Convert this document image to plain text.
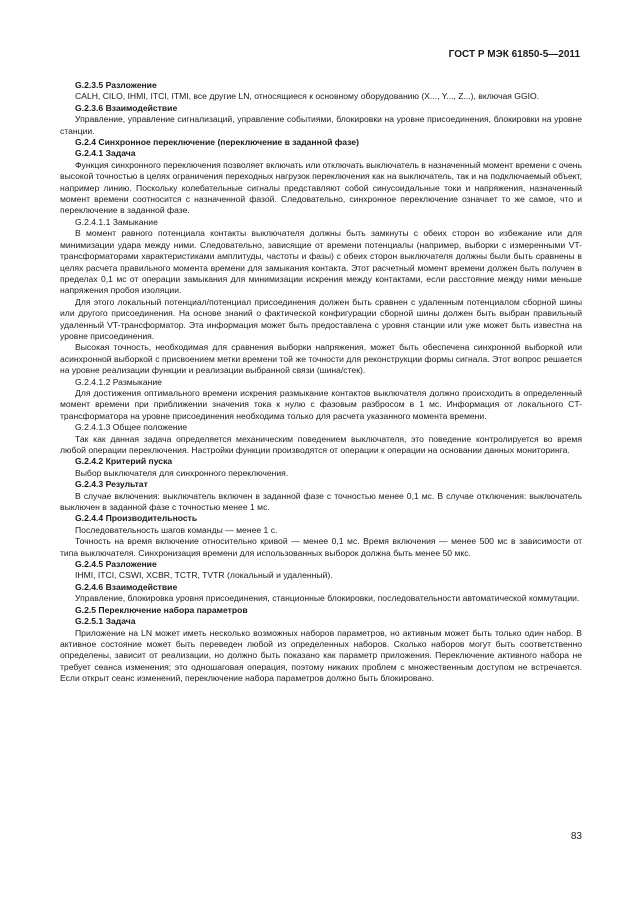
ГОСТ Р МЭК 61850-5—2011

G.2.3.5 Разложение

CALH, CILO, IHMI, ITCI, ITMI, все другие LN, относящиеся к основному оборудованию (X..., Y..., Z...), включая GGIO.

G.2.3.6 Взаимодействие

Управление, управление сигнализаций, управление событиями, блокировки на уровне присоединения, блокировки на уровне станции.

G.2.4 Синхронное переключение (переключение в заданной фазе)

G.2.4.1 Задача

Функция синхронного переключения позволяет включать или отключать выключатель в назначенный момент времени с очень высокой точностью в целях ограничения переходных нагрузок переключения как на выключатель, так и на подключаемый объект, например линию. Поскольку колебательные сигналы представляют собой синусоидальные токи и напряжения, назначенный момент времени соотносится с назначенной фазой. Следовательно, синхронное переключение означает то же самое, что и переключение в заданной фазе.

G.2.4.1.1 Замыкание

В момент равного потенциала контакты выключателя должны быть замкнуты с обеих сторон во избежание или для минимизации удара между ними. Следовательно, зависящие от времени потенциалы (например, выборки с измеренными VT-трансформаторами характеристиками амплитуды, частоты и фазы) с обеих сторон выключателя должны были быть сравнены в целях расчета правильного момента времени для замыкания контакта. Этот расчетный момент времени должен быть получен в пределах 0,1 мс от операции замыкания для минимизации искрения между контактами, если расстояние между ними меньше напряжения пробоя изоляции.

Для этого локальный потенциал/потенциал присоединения должен быть сравнен с удаленным потенциалом сборной шины или другого присоединения. На основе знаний о фактической конфигурации сборной шины должен быть выбран правильный удаленный VT-трансформатор. Эта информация может быть предоставлена с уровня станции или уже может быть известна на уровне присоединения.

Высокая точность, необходимая для сравнения выборки напряжения, может быть обеспечена синхронной выборкой или асинхронной выборкой с присвоением метки времени той же точности для реконструкции формы сигнала. Этот вопрос решается на уровне реализации функции и реализации выбранной связи (шина/стек).

G.2.4.1.2 Размыкание

Для достижения оптимального времени искрения размыкание контактов выключателя должно происходить в определенный момент времени при приближении значения тока к нулю с фазовым разбросом в 1 мс. Информация от локального CT-трансформатора на уровне присоединения необходима только для расчета указанного момента времени.

G.2.4.1.3 Общее положение

Так как данная задача определяется механическим поведением выключателя, это поведение контролируется во время любой операции переключения. Настройки функции производятся от операции к операции на основании данных мониторинга.

G.2.4.2 Критерий пуска

Выбор выключателя для синхронного переключения.

G.2.4.3 Результат

В случае включения: выключатель включен в заданной фазе с точностью менее 0,1 мс. В случае отключения: выключатель выключен в заданной фазе с точностью менее 1 мс.

G.2.4.4 Производительность

Последовательность шагов команды — менее 1 с.

Точность на время включение относительно кривой — менее 0,1 мс. Время включения — менее 500 мс в зависимости от типа выключателя. Синхронизация времени для использованных выборок должна быть менее 50 мкс.

G.2.4.5 Разложение

IHMI, ITCI, CSWI, XCBR, TCTR, TVTR (локальный и удаленный).

G.2.4.6 Взаимодействие

Управление, блокировка уровня присоединения, станционные блокировки, последовательности автоматической коммутации.

G.2.5 Переключение набора параметров

G.2.5.1 Задача

Приложение на LN может иметь несколько возможных наборов параметров, но активным может быть только один набор. В активное состояние может быть переведен любой из определенных наборов. Сколько наборов могут быть соответственно определены, зависит от реализации, но должно быть показано как параметр приложения. Переключение активного набора не требует сеанса изменения; это одношаговая операция, поэтому никаких проблем с множественным доступом не встречается. Если открыт сеанс изменений, переключение набора параметров должно быть блокировано.

83
